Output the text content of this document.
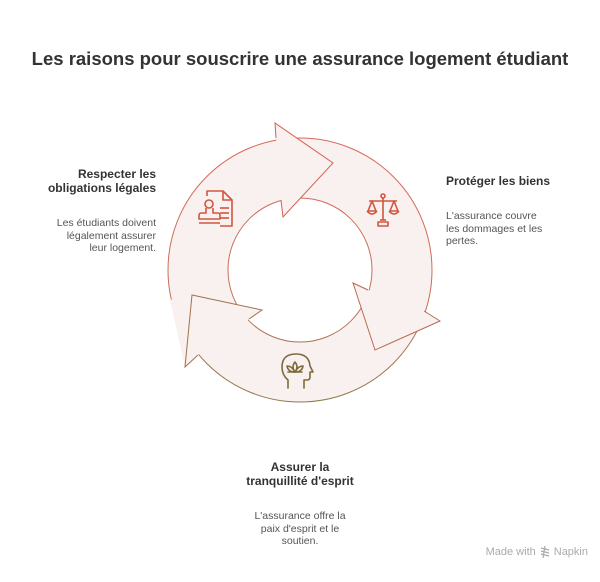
Les raisons pour souscrire une assurance logement étudiant

Respecter les
obligations légales

Les étudiants doivent
légalement assurer
leur logement.

Protéger les biens

L'assurance couvre
les dommages et les
pertes.

Assurer la
tranquillité d'esprit

L'assurance offre la
paix d'esprit et le
soutien.

Made with Napkin
